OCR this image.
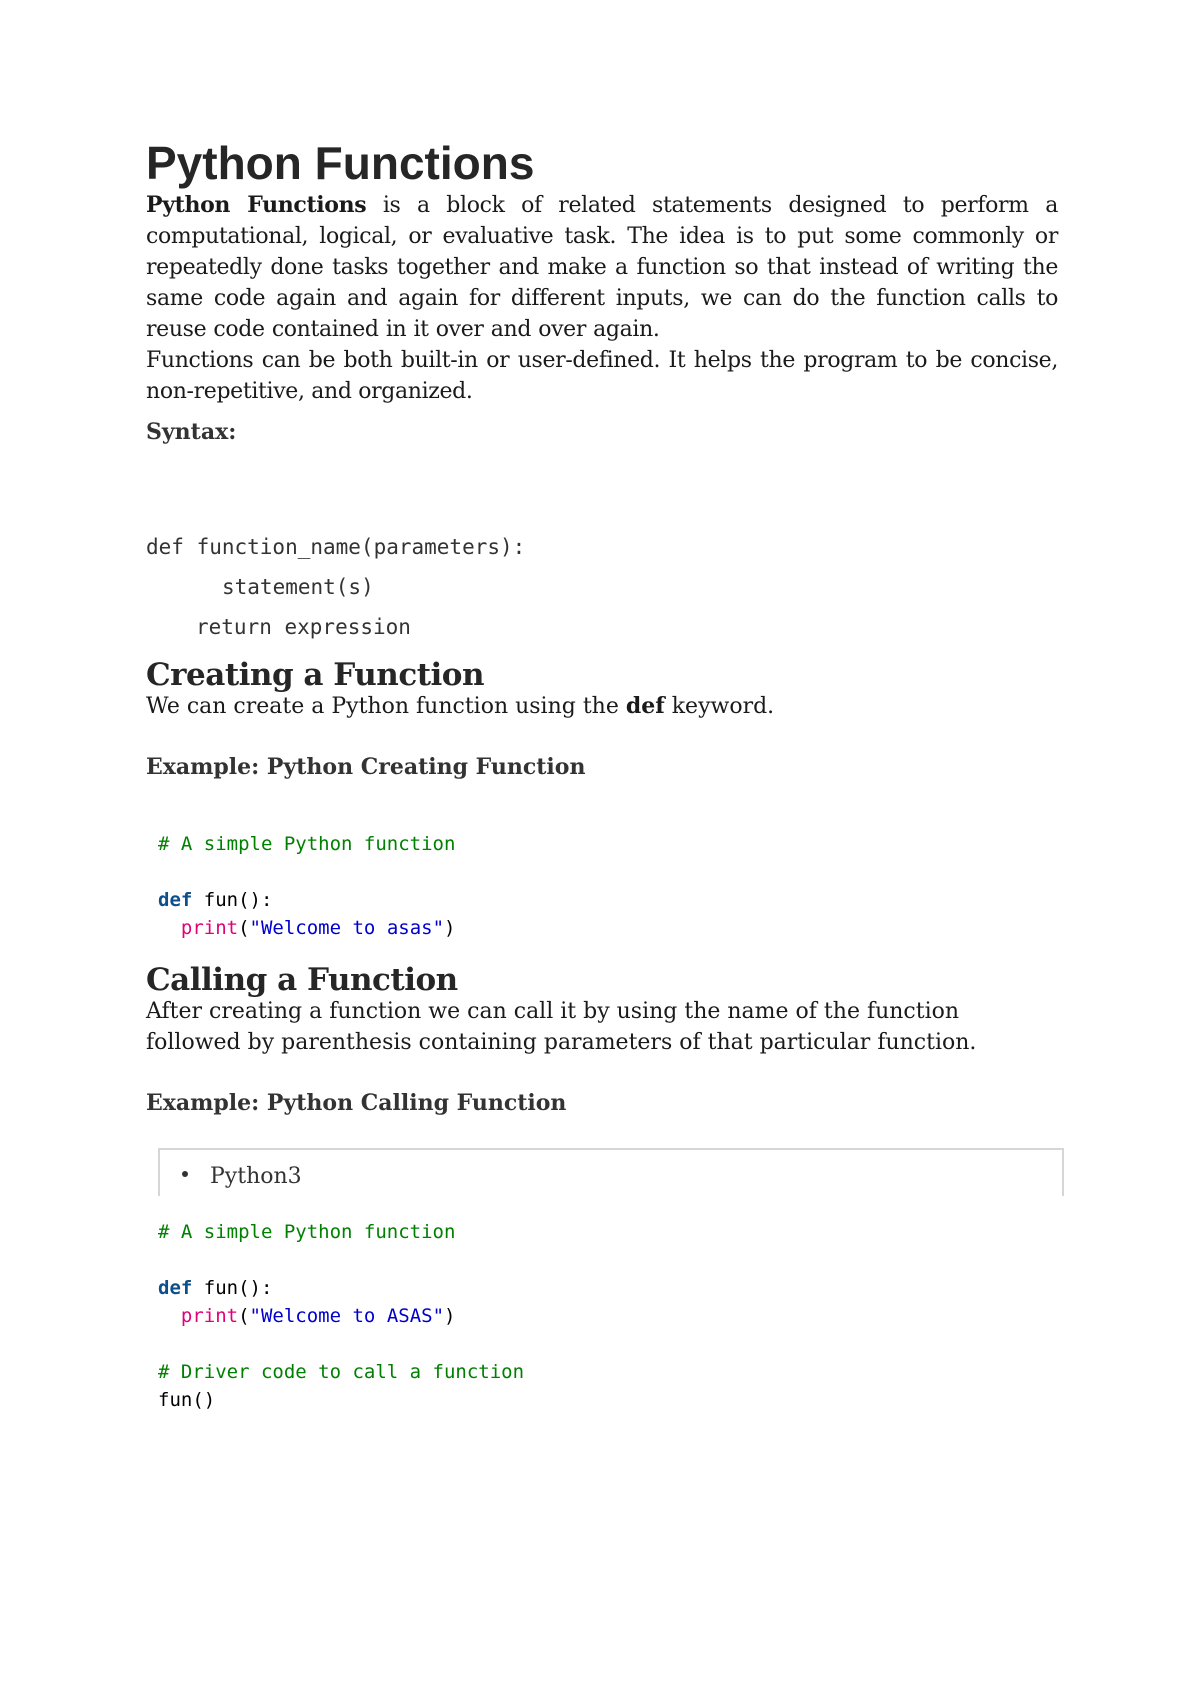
Python Functions

Python Functions is a block of related statements designed to perform a computational, logical, or evaluative task. The idea is to put some commonly or repeatedly done tasks together and make a function so that instead of writing the same code again and again for different inputs, we can do the function calls to reuse code contained in it over and over again.

Functions can be both built-in or user-defined. It helps the program to be concise, non-repetitive, and organized.

Syntax:

def function_name(parameters):
statement(s)
return expression
Creating a Function

We can create a Python function using the def keyword.

Example: Python Creating Function

# A simple Python function

def fun():
print("Welcome to asas")
Calling a Function

After creating a function we can call it by using the name of the function followed by parenthesis containing parameters of that particular function.

Example: Python Calling Function

Python3
# A simple Python function

def fun():
print("Welcome to ASAS")

# Driver code to call a function
fun()
